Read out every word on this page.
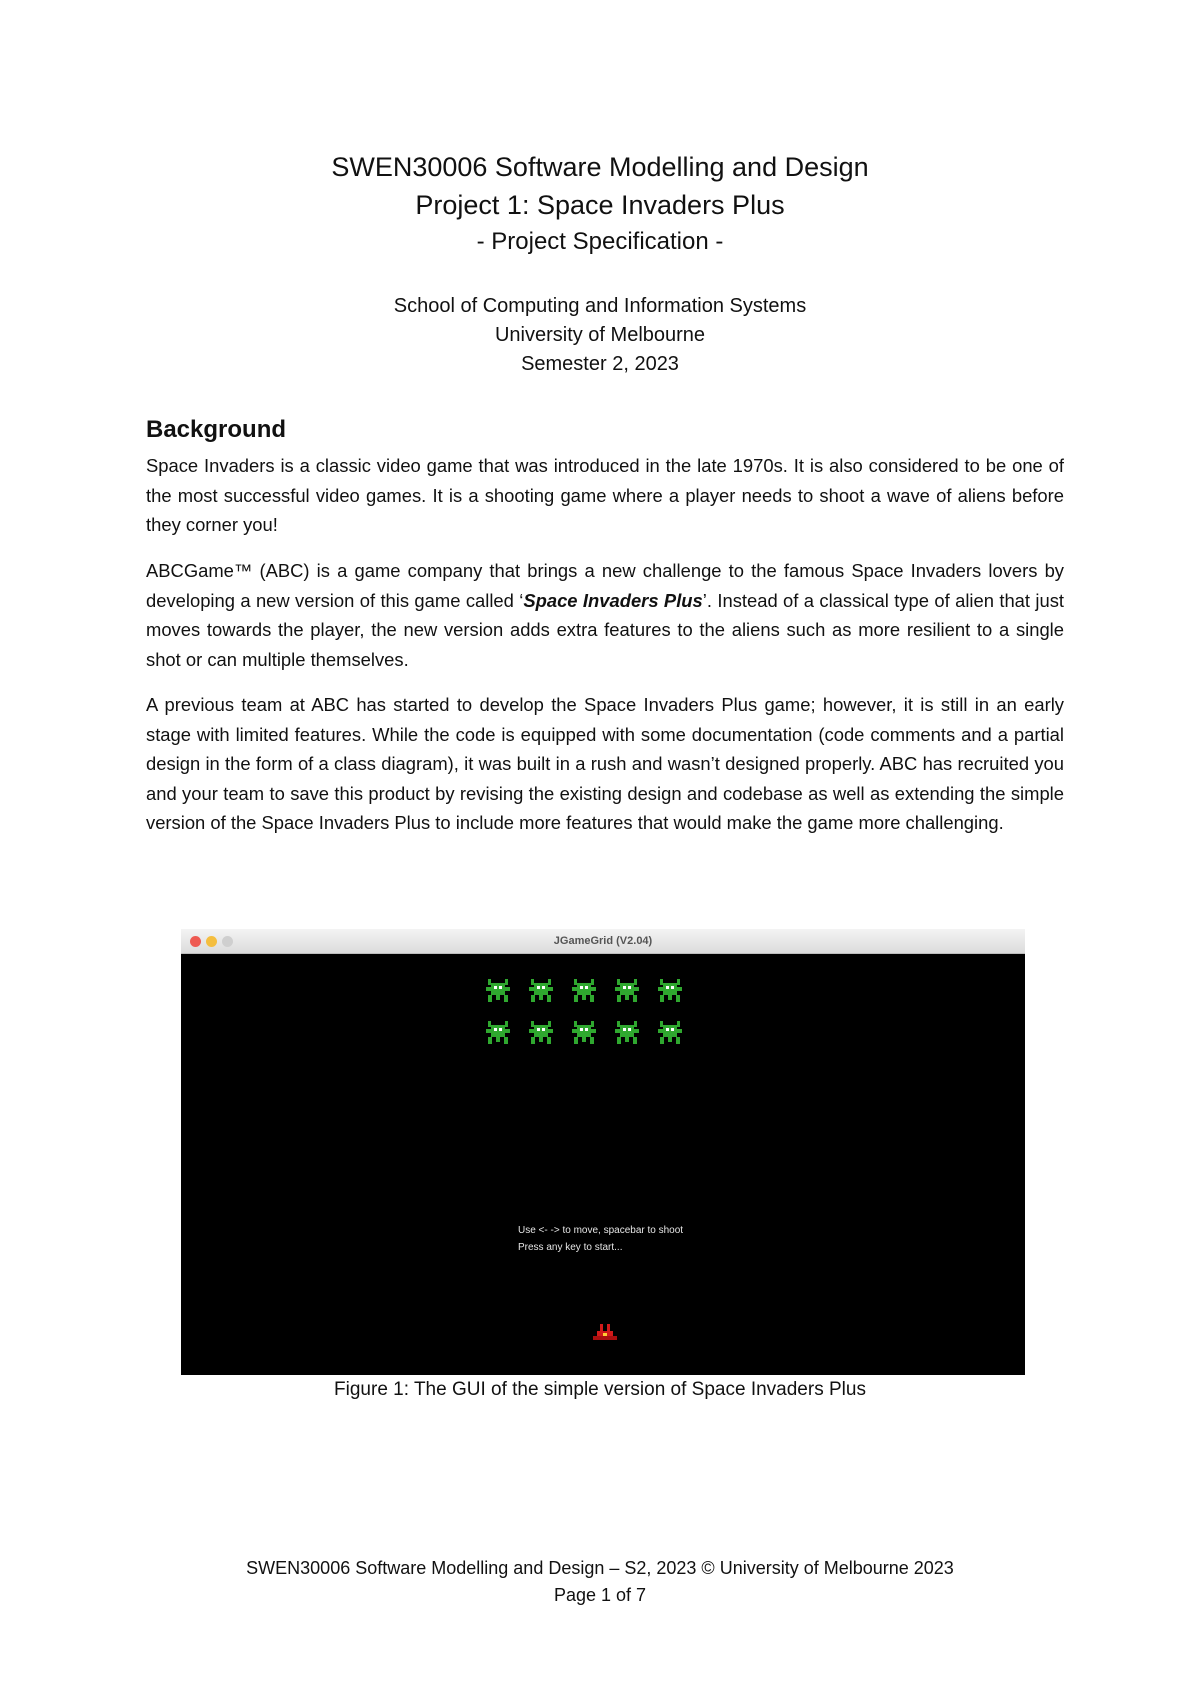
SWEN30006 Software Modelling and Design
Project 1: Space Invaders Plus
- Project Specification -
School of Computing and Information Systems
University of Melbourne
Semester 2, 2023
Background

Space Invaders is a classic video game that was introduced in the late 1970s. It is also considered to be one of the most successful video games. It is a shooting game where a player needs to shoot a wave of aliens before they corner you!

ABCGame™ (ABC) is a game company that brings a new challenge to the famous Space Invaders lovers by developing a new version of this game called ‘Space Invaders Plus’. Instead of a classical type of alien that just moves towards the player, the new version adds extra features to the aliens such as more resilient to a single shot or can multiple themselves.

A previous team at ABC has started to develop the Space Invaders Plus game; however, it is still in an early stage with limited features. While the code is equipped with some documentation (code comments and a partial design in the form of a class diagram), it was built in a rush and wasn’t designed properly. ABC has recruited you and your team to save this product by revising the existing design and codebase as well as extending the simple version of the Space Invaders Plus to include more features that would make the game more challenging.

JGameGrid (V2.04)
Use <- -> to move, spacebar to shoot
Press any key to start...
Figure 1: The GUI of the simple version of Space Invaders Plus
SWEN30006 Software Modelling and Design – S2, 2023 © University of Melbourne 2023
Page 1 of 7
